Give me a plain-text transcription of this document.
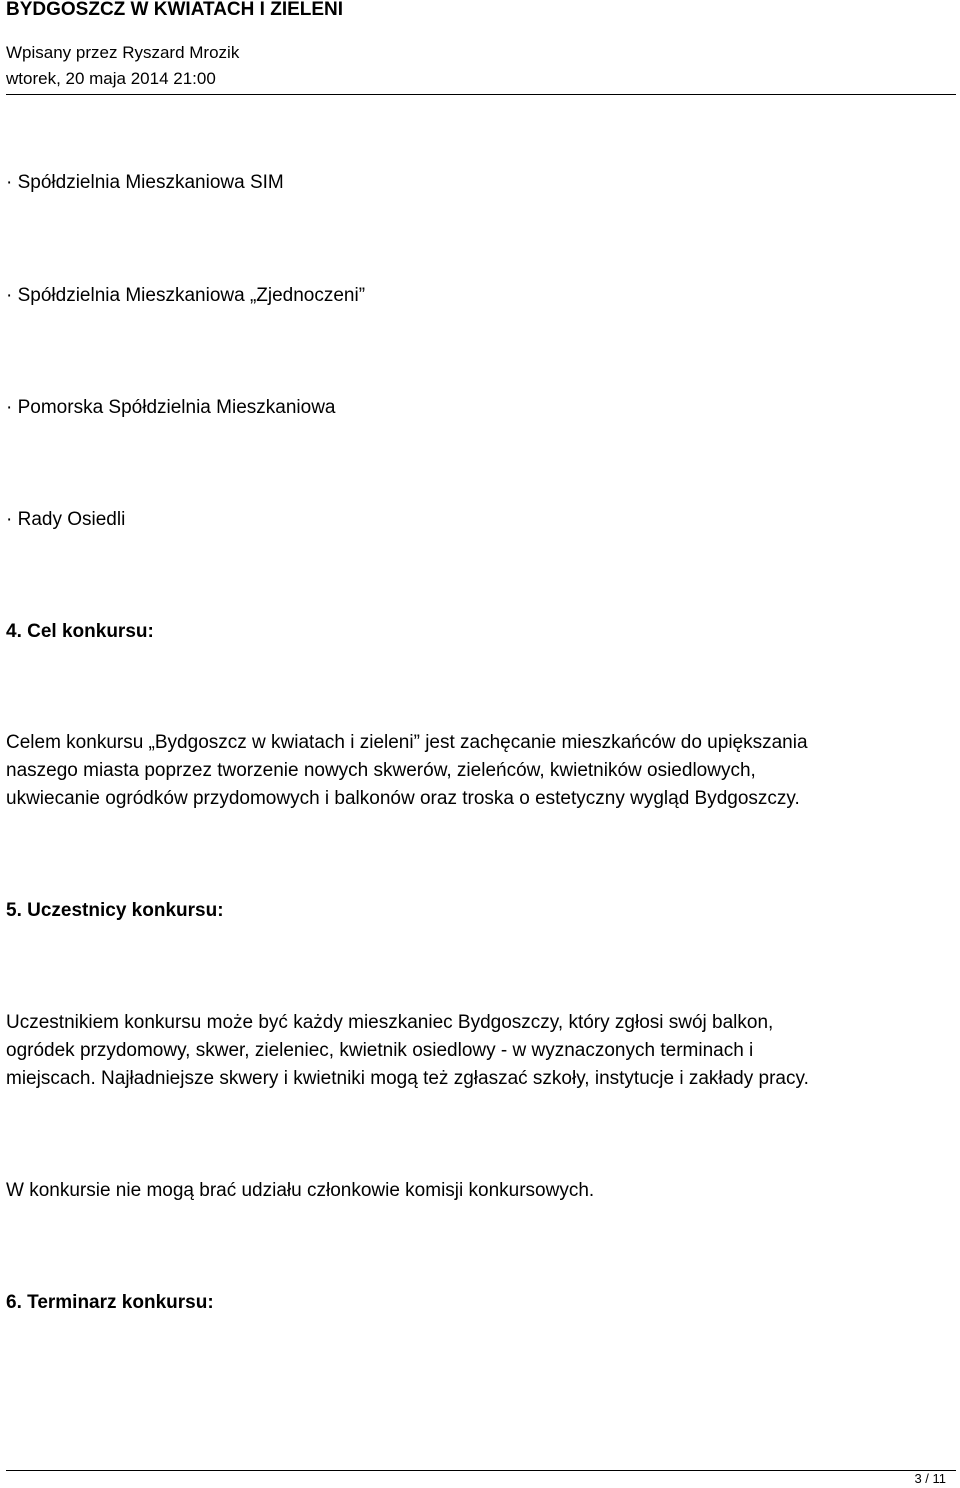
BYDGOSZCZ W KWIATACH I ZIELENI
Wpisany przez Ryszard Mrozik
wtorek, 20 maja 2014 21:00
· Spółdzielnia Mieszkaniowa SIM
· Spółdzielnia Mieszkaniowa „Zjednoczeni”
· Pomorska Spółdzielnia Mieszkaniowa
· Rady Osiedli
4. Cel konkursu:
Celem konkursu „Bydgoszcz w kwiatach i zieleni” jest zachęcanie mieszkańców do upiększania
naszego miasta poprzez tworzenie nowych skwerów, zieleńców, kwietników osiedlowych,
ukwiecanie ogródków przydomowych i balkonów oraz troska o estetyczny wygląd Bydgoszczy.
5. Uczestnicy konkursu:
Uczestnikiem konkursu może być każdy mieszkaniec Bydgoszczy, który zgłosi swój balkon,
ogródek przydomowy, skwer, zieleniec, kwietnik osiedlowy - w wyznaczonych terminach i
miejscach. Najładniejsze skwery i kwietniki mogą też zgłaszać szkoły, instytucje i zakłady pracy.
W konkursie nie mogą brać udziału członkowie komisji konkursowych.
6. Terminarz konkursu:
3 / 11
